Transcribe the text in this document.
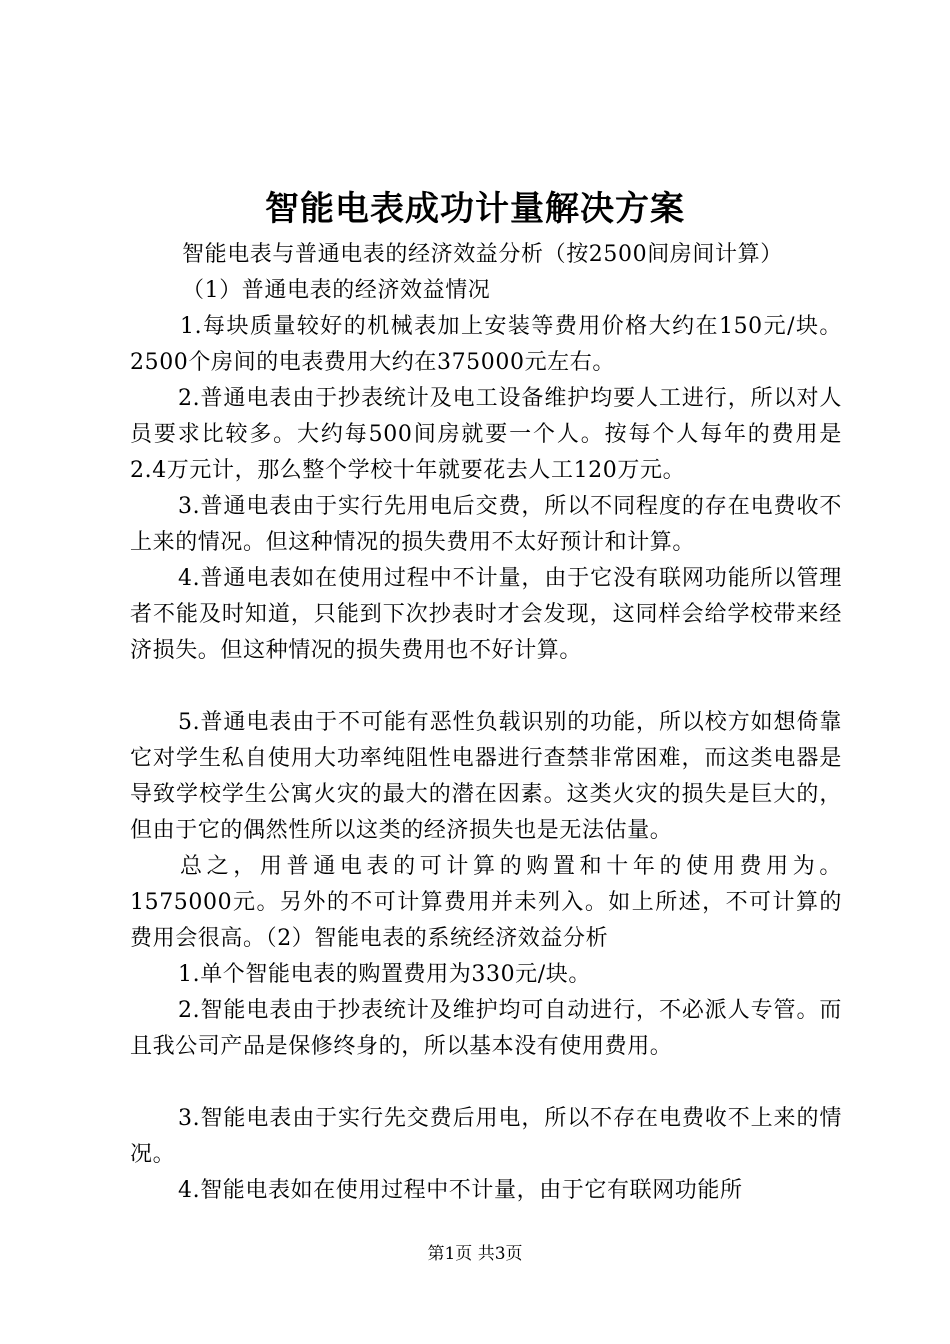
智能电表成功计量解决方案

智能电表与普通电表的经济效益分析（按2500间房间计算）

（1）普通电表的经济效益情况

1.每块质量较好的机械表加上安装等费用价格大约在150元/块。2500个房间的电表费用大约在375000元左右。

2.普通电表由于抄表统计及电工设备维护均要人工进行，所以对人员要求比较多。大约每500间房就要一个人。按每个人每年的费用是2.4万元计，那么整个学校十年就要花去人工120万元。

3.普通电表由于实行先用电后交费，所以不同程度的存在电费收不上来的情况。但这种情况的损失费用不太好预计和计算。

4.普通电表如在使用过程中不计量，由于它没有联网功能所以管理者不能及时知道，只能到下次抄表时才会发现，这同样会给学校带来经济损失。但这种情况的损失费用也不好计算。

5.普通电表由于不可能有恶性负载识别的功能，所以校方如想倚靠它对学生私自使用大功率纯阻性电器进行查禁非常困难，而这类电器是导致学校学生公寓火灾的最大的潜在因素。这类火灾的损失是巨大的，但由于它的偶然性所以这类的经济损失也是无法估量。

总之，用普通电表的可计算的购置和十年的使用费用为。1575000元。另外的不可计算费用并未列入。如上所述，不可计算的费用会很高。（2）智能电表的系统经济效益分析

1.单个智能电表的购置费用为330元/块。

2.智能电表由于抄表统计及维护均可自动进行，不必派人专管。而且我公司产品是保修终身的，所以基本没有使用费用。

3.智能电表由于实行先交费后用电，所以不存在电费收不上来的情况。

4.智能电表如在使用过程中不计量，由于它有联网功能所

第1页 共3页
